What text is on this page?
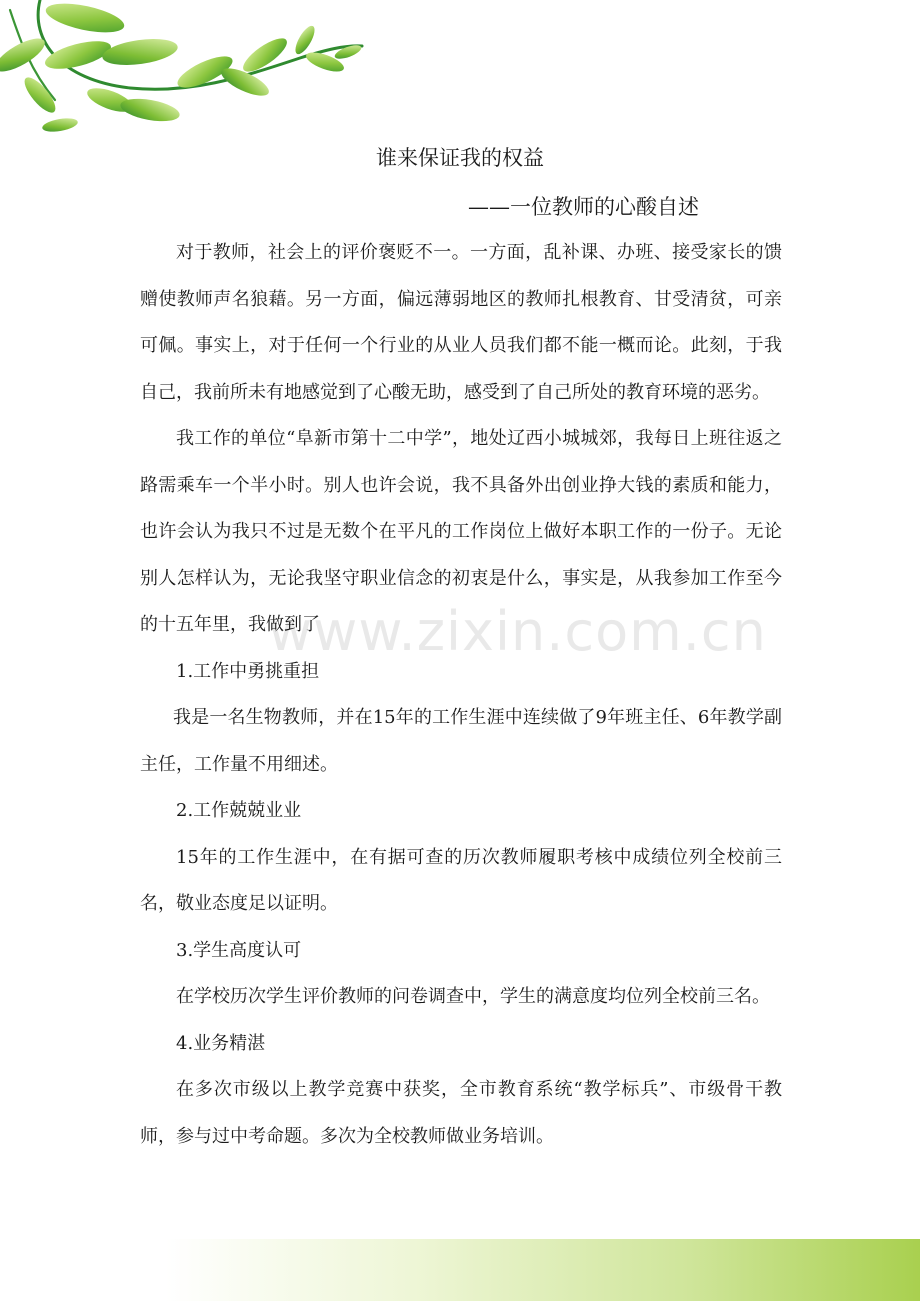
www.zixin.com.cn
谁来保证我的权益
——一位教师的心酸自述

对于教师，社会上的评价褒贬不一。一方面，乱补课、办班、接受家长的馈赠使教师声名狼藉。另一方面，偏远薄弱地区的教师扎根教育、甘受清贫，可亲可佩。事实上，对于任何一个行业的从业人员我们都不能一概而论。此刻，于我自己，我前所未有地感觉到了心酸无助，感受到了自己所处的教育环境的恶劣。

我工作的单位“阜新市第十二中学”，地处辽西小城城郊，我每日上班往返之路需乘车一个半小时。别人也许会说，我不具备外出创业挣大钱的素质和能力，也许会认为我只不过是无数个在平凡的工作岗位上做好本职工作的一份子。无论别人怎样认为，无论我坚守职业信念的初衷是什么，事实是，从我参加工作至今的十五年里，我做到了

1.工作中勇挑重担

我是一名生物教师，并在15年的工作生涯中连续做了9年班主任、6年教学副主任，工作量不用细述。

2.工作兢兢业业

15年的工作生涯中，在有据可查的历次教师履职考核中成绩位列全校前三名，敬业态度足以证明。

3.学生高度认可

在学校历次学生评价教师的问卷调查中，学生的满意度均位列全校前三名。

4.业务精湛

在多次市级以上教学竞赛中获奖，全市教育系统“教学标兵”、市级骨干教师，参与过中考命题。多次为全校教师做业务培训。
